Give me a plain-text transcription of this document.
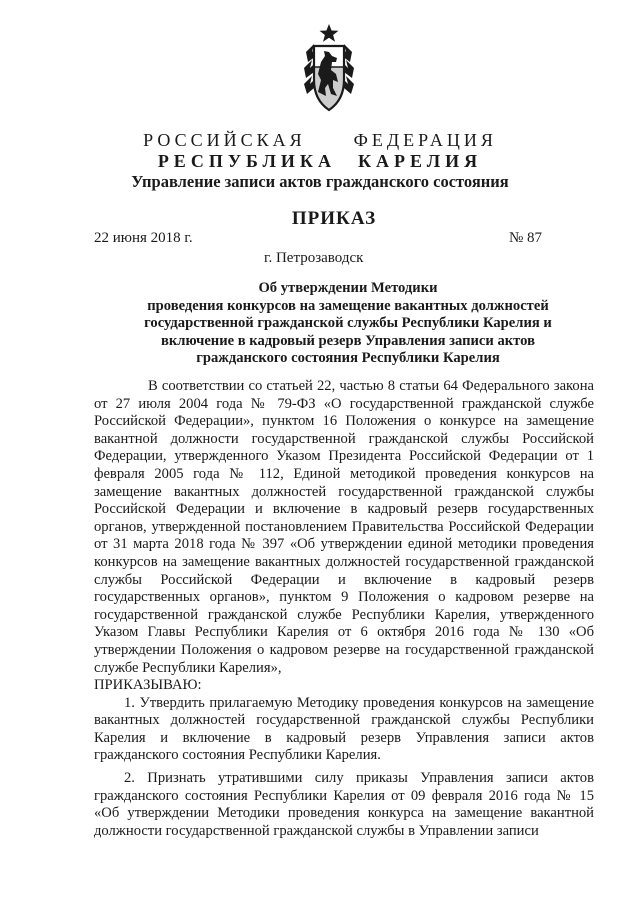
РОССИЙСКАЯ	ФЕДЕРАЦИЯ
РЕСПУБЛИКА КАРЕЛИЯ
Управление записи актов гражданского состояния
ПРИКАЗ
22 июня 2018 г.	№ 87
г. Петрозаводск
Об утверждении Методики
проведения конкурсов на замещение вакантных должностей
государственной гражданской службы Республики Карелия и
включение в кадровый резерв Управления записи актов
гражданского состояния Республики Карелия

В соответствии со статьей 22, частью 8 статьи 64 Федерального закона от 27 июля 2004 года № 79-ФЗ «О государственной гражданской службе Российской Федерации», пунктом 16 Положения о конкурсе на замещение вакантной должности государственной гражданской службы Российской Федерации, утвержденного Указом Президента Российской Федерации от 1 февраля 2005 года № 112, Единой методикой проведения конкурсов на замещение вакантных должностей государственной гражданской службы Российской Федерации и включение в кадровый резерв государственных органов, утвержденной постановлением Правительства Российской Федерации от 31 марта 2018 года № 397 «Об утверждении единой методики проведения конкурсов на замещение вакантных должностей государственной гражданской службы Российской Федерации и включение в кадровый резерв государственных органов», пунктом 9 Положения о кадровом резерве на государственной гражданской службе Республики Карелия, утвержденного Указом Главы Республики Карелия от 6 октября 2016 года № 130 «Об утверждении Положения о кадровом резерве на государственной гражданской службе Республики Карелия»,

ПРИКАЗЫВАЮ:

1. Утвердить прилагаемую Методику проведения конкурсов на замещение вакантных должностей государственной гражданской службы Республики Карелия и включение в кадровый резерв Управления записи актов гражданского состояния Республики Карелия.

2. Признать утратившими силу приказы Управления записи актов гражданского состояния Республики Карелия от 09 февраля 2016 года № 15 «Об утверждении Методики проведения конкурса на замещение вакантной должности государственной гражданской службы в Управлении записи
